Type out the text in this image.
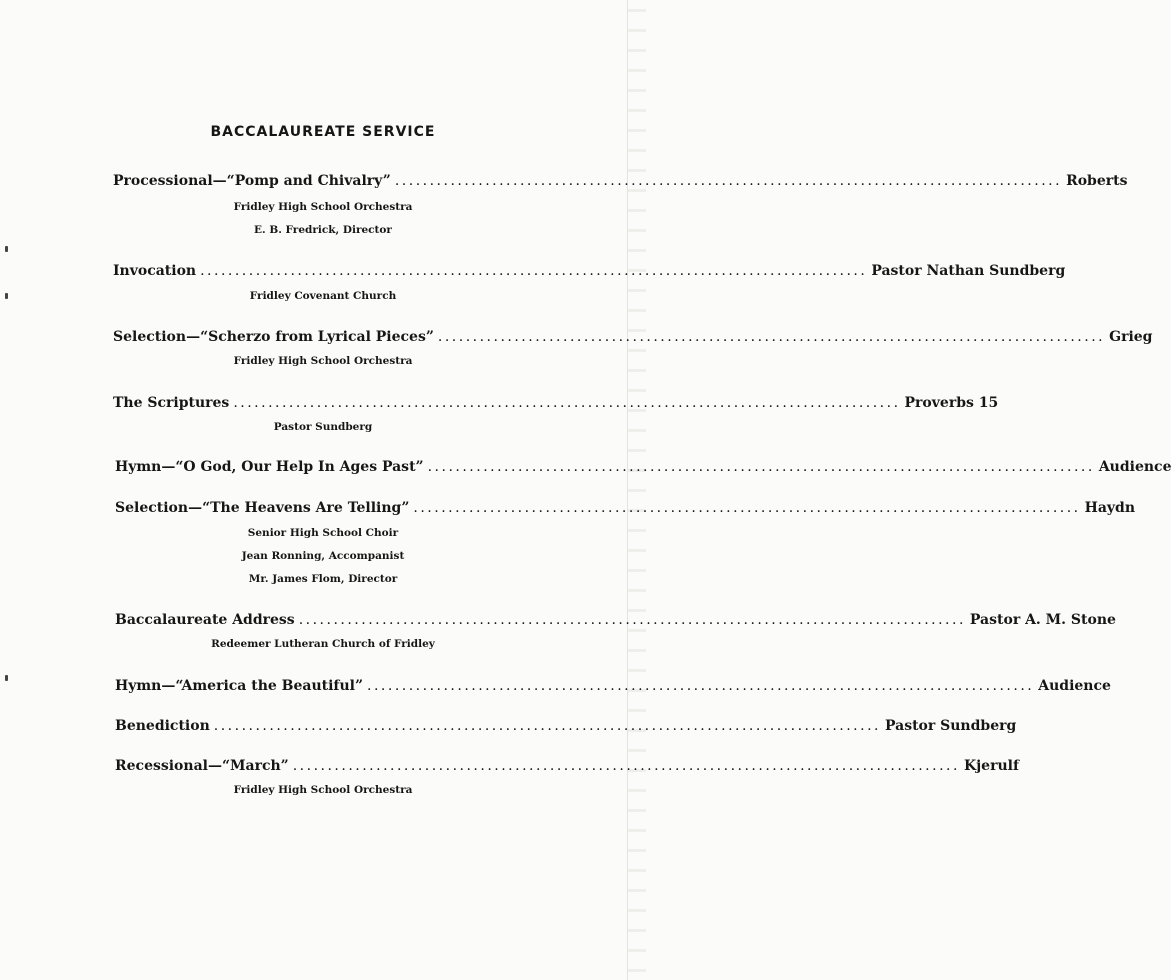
BACCALAUREATE SERVICE
Processional—“Pomp and Chivalry” ................................................................................................ Roberts
Fridley High School Orchestra
E. B. Fredrick, Director
Invocation ................................................................................................ Pastor Nathan Sundberg
Fridley Covenant Church
Selection—“Scherzo from Lyrical Pieces” ................................................................................................ Grieg
Fridley High School Orchestra
The Scriptures ................................................................................................ Proverbs 15
Pastor Sundberg
Hymn—“O God, Our Help In Ages Past” ................................................................................................ Audience
Selection—“The Heavens Are Telling” ................................................................................................ Haydn
Senior High School Choir
Jean Ronning, Accompanist
Mr. James Flom, Director
Baccalaureate Address ................................................................................................ Pastor A. M. Stone
Redeemer Lutheran Church of Fridley
Hymn—“America the Beautiful” ................................................................................................ Audience
Benediction ................................................................................................ Pastor Sundberg
Recessional—“March” ................................................................................................ Kjerulf
Fridley High School Orchestra
